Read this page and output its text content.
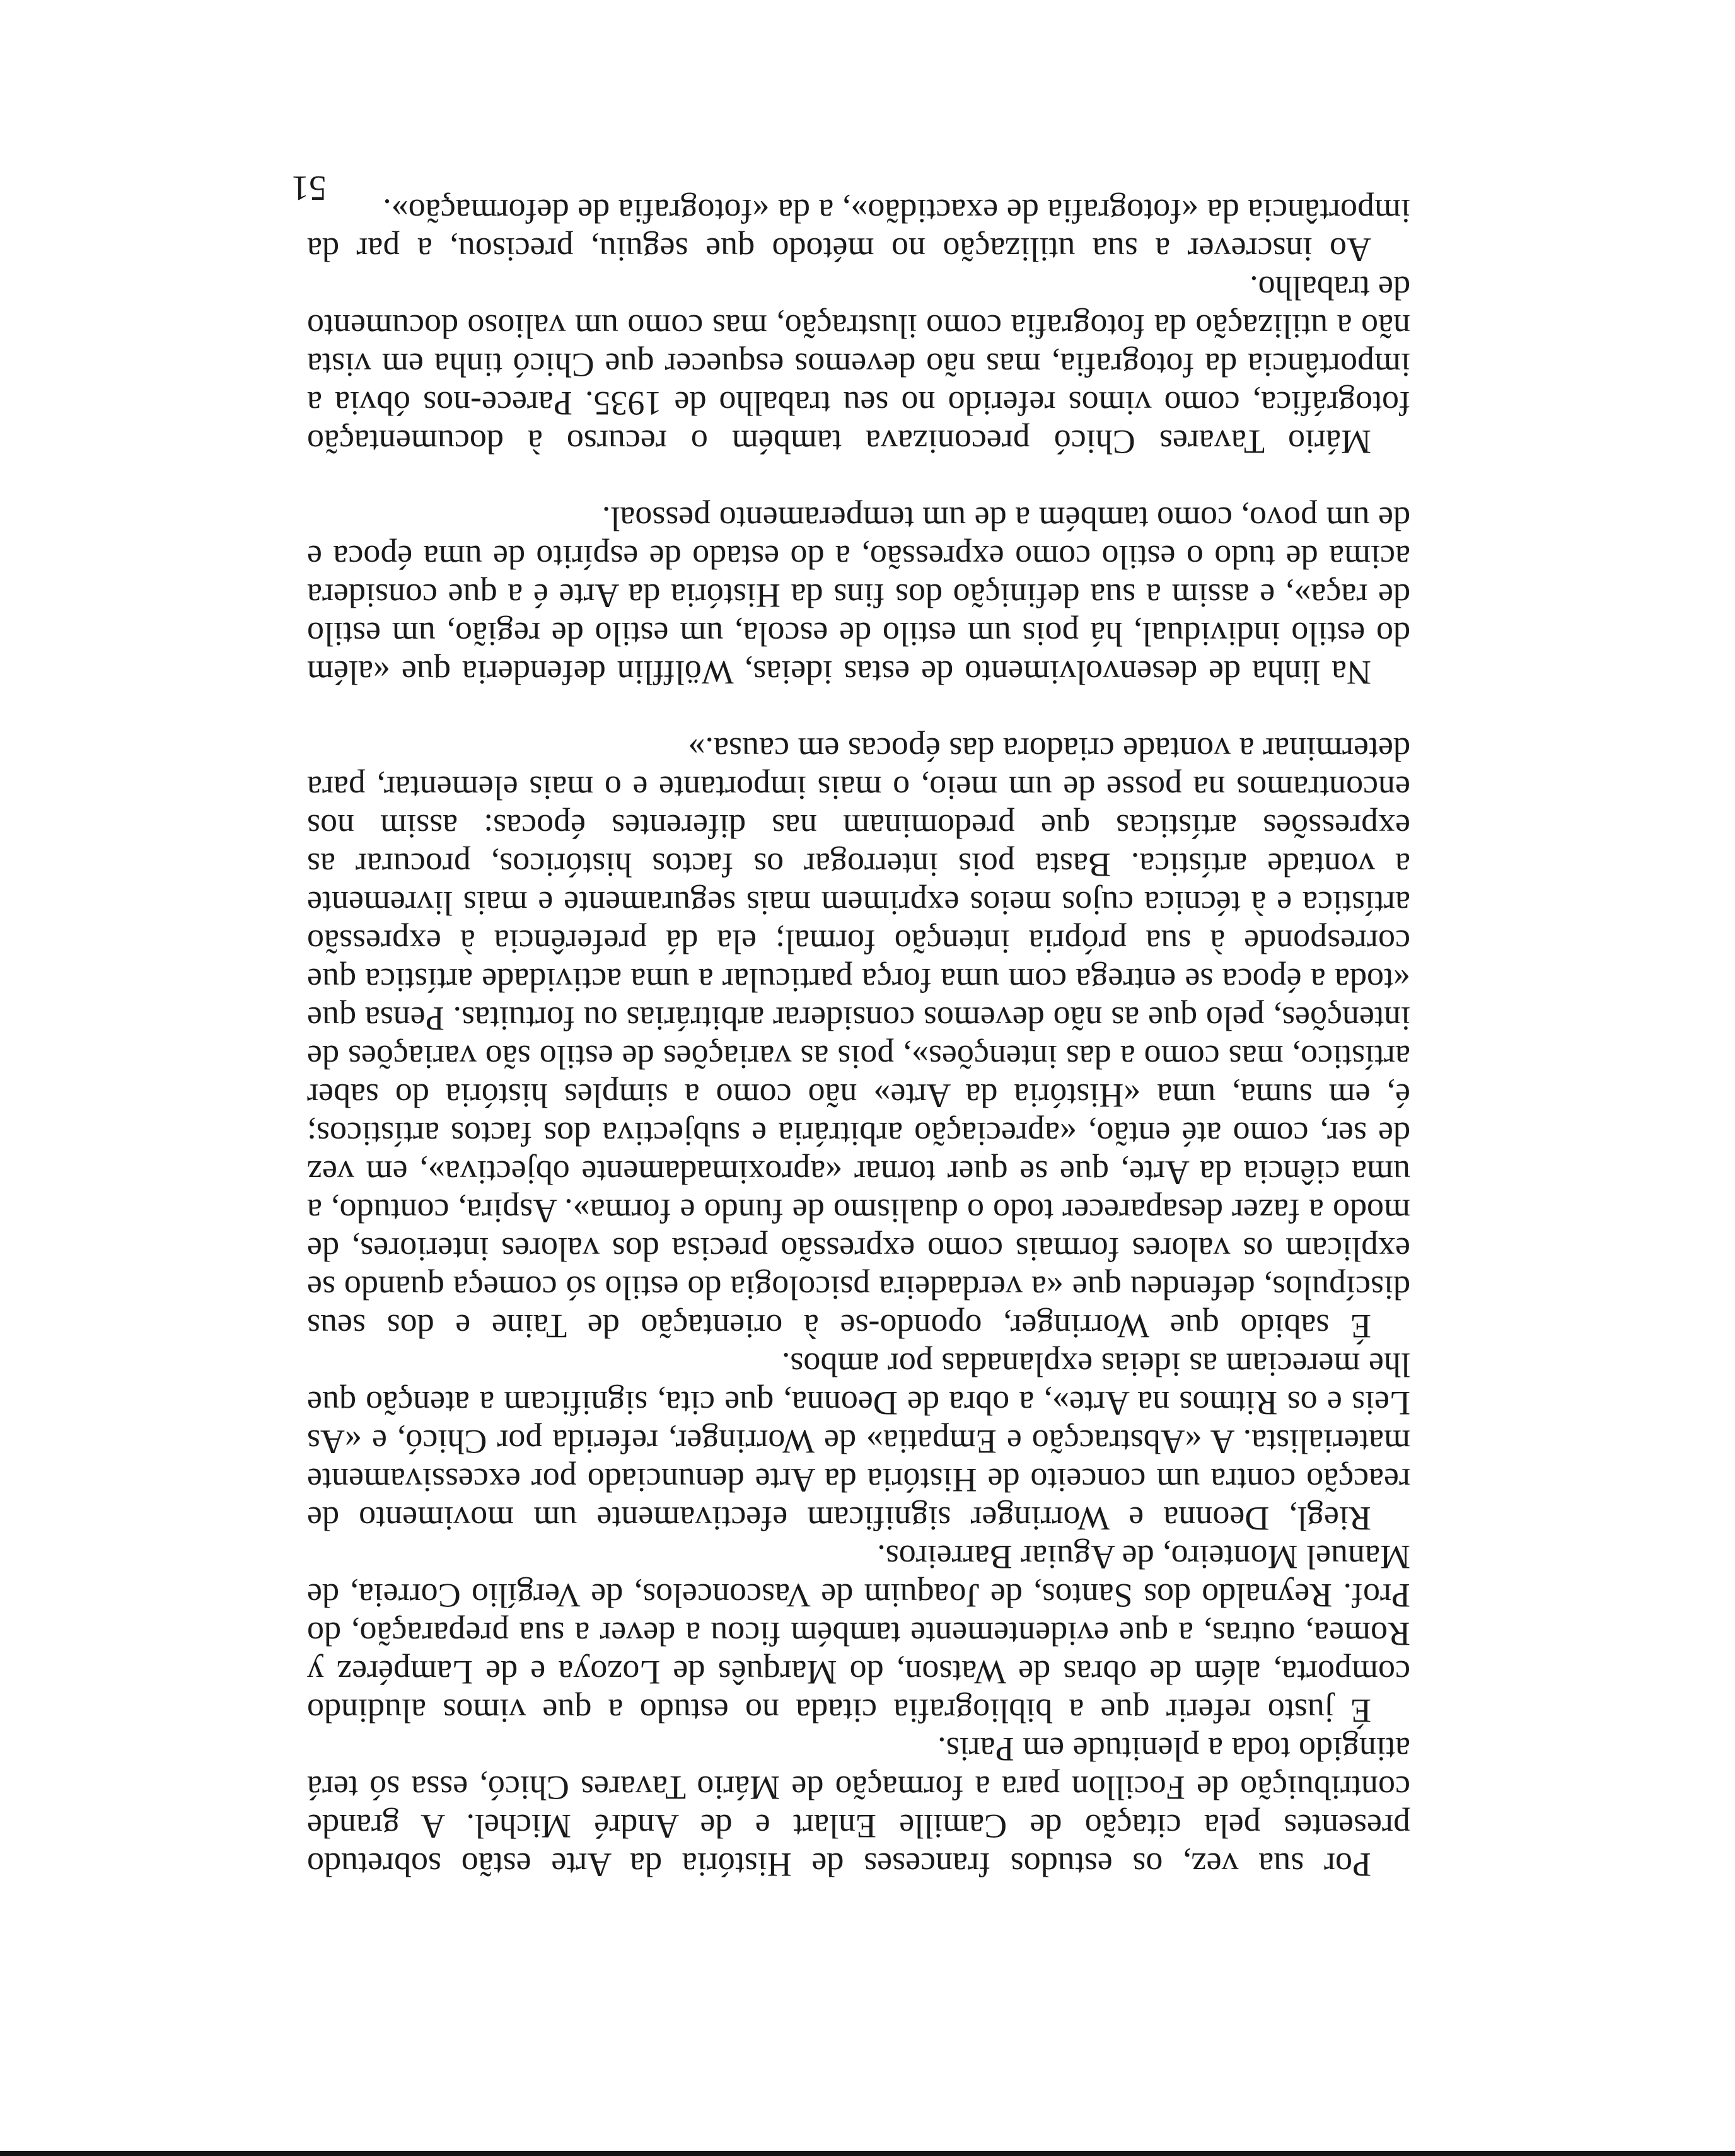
Por sua vez, os estudos franceses de História da Arte estão sobretudo presentes pela citação de Camille Enlart e de André Michel. A grande contribuição de Focillon para a formação de Mário Tavares Chicó, essa só terá atingido toda a plenitude em Paris.

É justo referir que a bibliografia citada no estudo a que vimos aludindo comporta, além de obras de Watson, do Marquês de Lozoya e de Lampérez y Romea, outras, a que evidentemente também ficou a dever a sua preparação, do Prof. Reynaldo dos Santos, de Joaquim de Vasconcelos, de Vergílio Correia, de Manuel Monteiro, de Aguiar Barreiros.

Riegl, Deonna e Worringer significam efectivamente um movimento de reacção contra um conceito de História da Arte denunciado por excessivamente materialista. A «Abstracção e Empatia» de Worringer, referida por Chicó, e «As Leis e os Ritmos na Arte», a obra de Deonna, que cita, significam a atenção que lhe mereciam as ideias explanadas por ambos.

É sabido que Worringer, opondo-se à orientação de Taine e dos seus discípulos, defendeu que «a verdadeira psicologia do estilo só começa quando se explicam os valores formais como expressão precisa dos valores interiores, de modo a fazer desaparecer todo o dualismo de fundo e forma». Aspira, contudo, a uma ciência da Arte, que se quer tornar «aproximadamente objectiva», em vez de ser, como até então, «apreciação arbitrária e subjectiva dos factos artísticos; é, em suma, uma «História da Arte» não como a simples história do saber artístico, mas como a das intenções», pois as variações de estilo são variações de intenções, pelo que as não devemos considerar arbitrárias ou fortuitas. Pensa que «toda a época se entrega com uma força particular a uma actividade artística que corresponde à sua própria intenção formal; ela dá preferência à expressão artística e à técnica cujos meios exprimem mais seguramente e mais livremente a vontade artística. Basta pois interrogar os factos históricos, procurar as expressões artísticas que predominam nas diferentes épocas: assim nos encontramos na posse de um meio, o mais importante e o mais elementar, para determinar a vontade criadora das épocas em causa.»

Na linha de desenvolvimento de estas ideias, Wölfflin defenderia que «além do estilo individual, há pois um estilo de escola, um estilo de região, um estilo de raça», e assim a sua definição dos fins da História da Arte é a que considera acima de tudo o estilo como expressão, a do estado de espírito de uma época e de um povo, como também a de um temperamento pessoal.

Mário Tavares Chicó preconizava também o recurso à documentação fotográfica, como vimos referido no seu trabalho de 1935. Parece-nos óbvia a importância da fotografia, mas não devemos esquecer que Chicó tinha em vista não a utilização da fotografia como ilustração, mas como um valioso documento de trabalho.

Ao inscrever a sua utilização no método que seguiu, precisou, a par da importância da «fotografia de exactidão», a da «fotografia de deformação».

51
